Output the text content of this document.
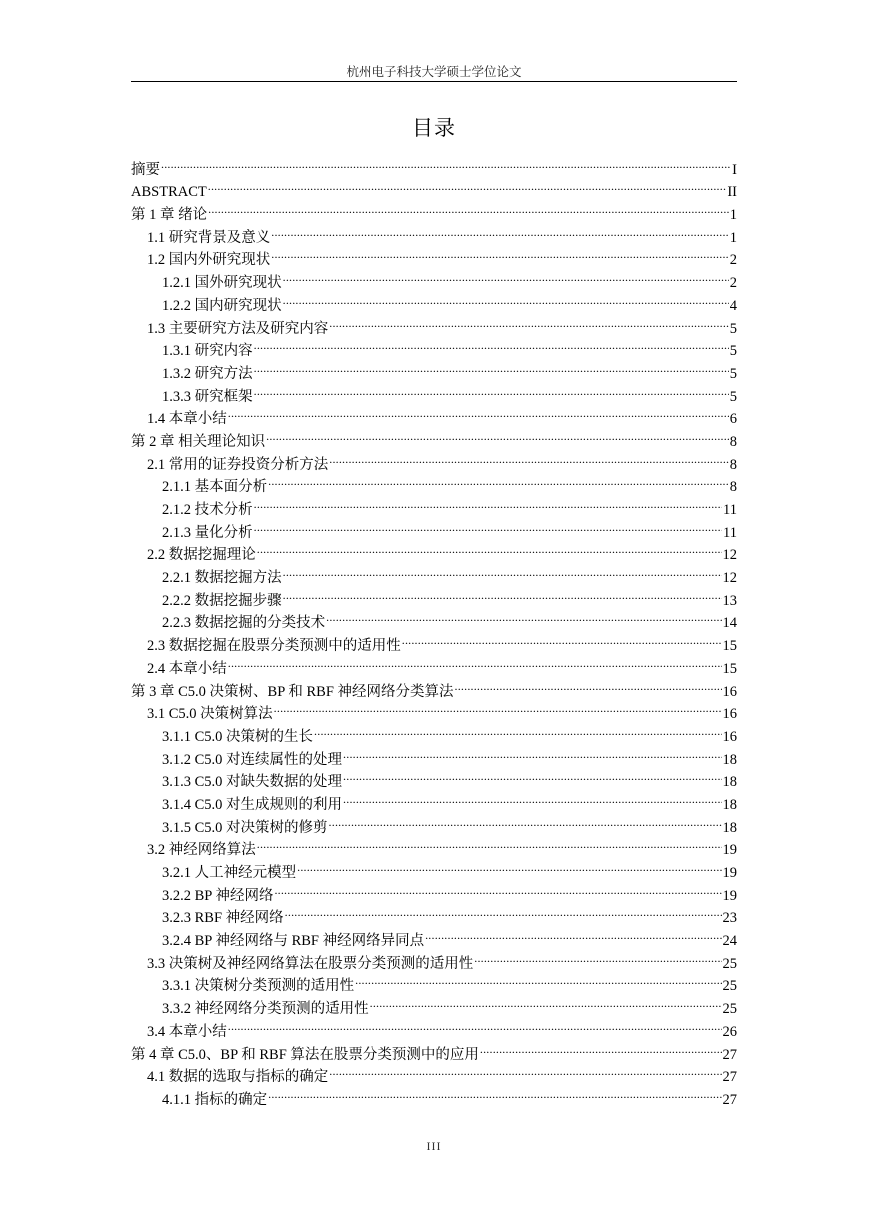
杭州电子科技大学硕士学位论文
目录
摘要 .....	I
ABSTRACT .....	II
第 1 章 绪论 .....	1
1.1 研究背景及意义 .....	1
1.2 国内外研究现状 .....	2
1.2.1 国外研究现状 .....	2
1.2.2 国内研究现状 .....	4
1.3 主要研究方法及研究内容 .....	5
1.3.1 研究内容 .....	5
1.3.2 研究方法 .....	5
1.3.3 研究框架 .....	5
1.4 本章小结 .....	6
第 2 章 相关理论知识 .....	8
2.1 常用的证券投资分析方法 .....	8
2.1.1 基本面分析 .....	8
2.1.2 技术分析 .....	11
2.1.3 量化分析 .....	11
2.2 数据挖掘理论 .....	12
2.2.1 数据挖掘方法 .....	12
2.2.2 数据挖掘步骤 .....	13
2.2.3 数据挖掘的分类技术 .....	14
2.3 数据挖掘在股票分类预测中的适用性 .....	15
2.4 本章小结 .....	15
第 3 章 C5.0 决策树、BP 和 RBF 神经网络分类算法 .....	16
3.1 C5.0 决策树算法 .....	16
3.1.1 C5.0 决策树的生长 .....	16
3.1.2 C5.0 对连续属性的处理 .....	18
3.1.3 C5.0 对缺失数据的处理 .....	18
3.1.4 C5.0 对生成规则的利用 .....	18
3.1.5 C5.0 对决策树的修剪 .....	18
3.2 神经网络算法 .....	19
3.2.1 人工神经元模型 .....	19
3.2.2 BP 神经网络 .....	19
3.2.3 RBF 神经网络 .....	23
3.2.4 BP 神经网络与 RBF 神经网络异同点 .....	24
3.3 决策树及神经网络算法在股票分类预测的适用性 .....	25
3.3.1 决策树分类预测的适用性 .....	25
3.3.2 神经网络分类预测的适用性 .....	25
3.4 本章小结 .....	26
第 4 章 C5.0、BP 和 RBF 算法在股票分类预测中的应用 .....	27
4.1 数据的选取与指标的确定 .....	27
4.1.1 指标的确定 .....	27
III
